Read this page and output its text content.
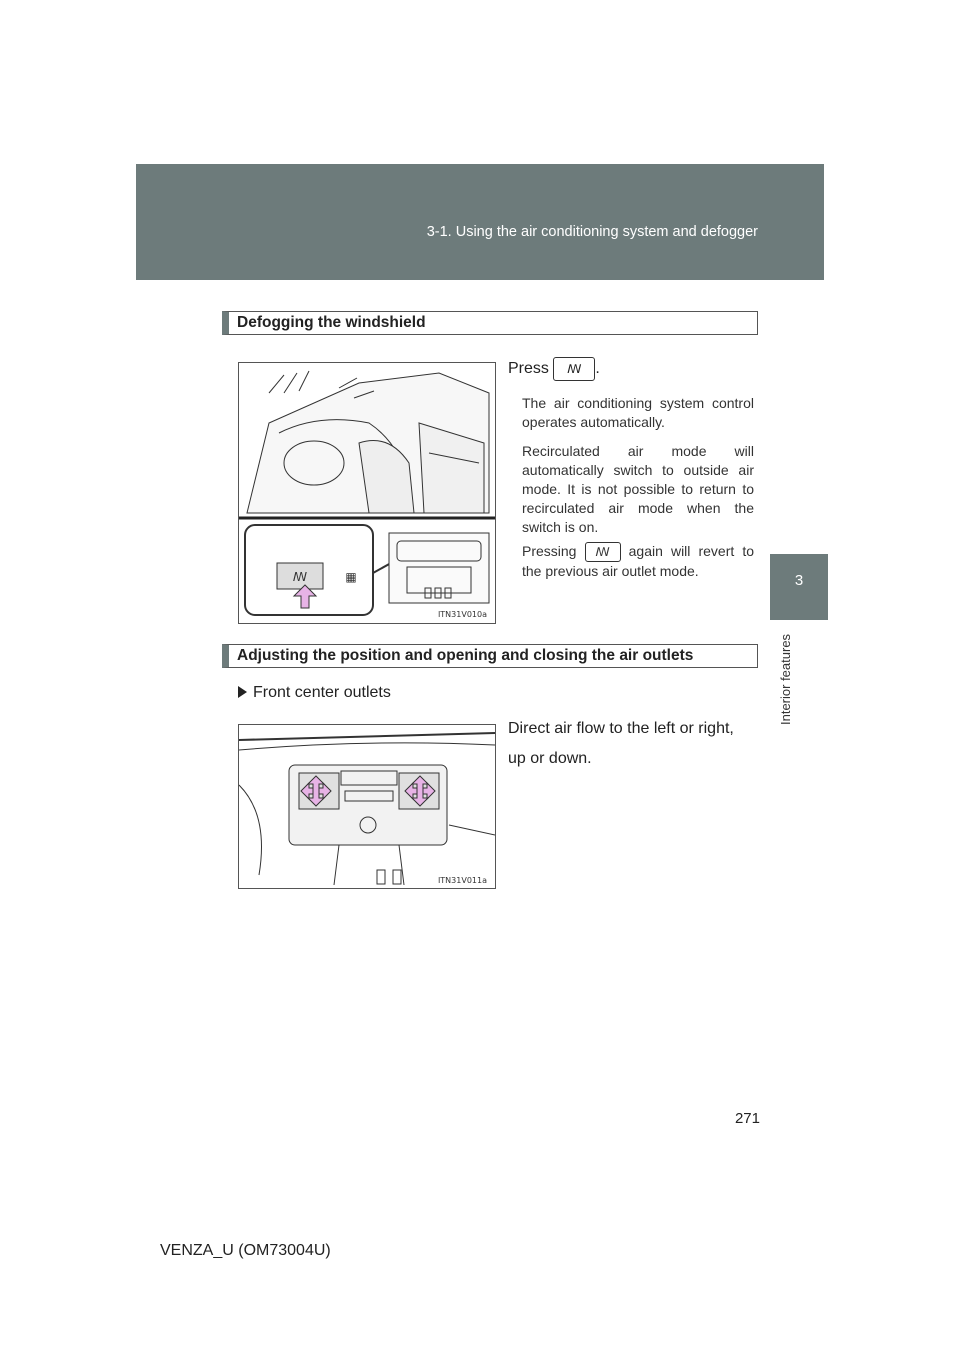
3-1. Using the air conditioning system and defogger
3
Interior features
Defogging the windshield
ꟿ	▦
ITN31V010a
Press ꟿ .
The air conditioning system control operates automatically.
Recirculated air mode will automatically switch to outside air mode. It is not possible to return to recirculated air mode when the switch is on.
Pressing ꟿ again will revert to the previous air outlet mode.
Adjusting the position and opening and closing the air outlets
Front center outlets
Direct air flow to the left or right, up or down.
ITN31V011a
271
VENZA_U (OM73004U)
